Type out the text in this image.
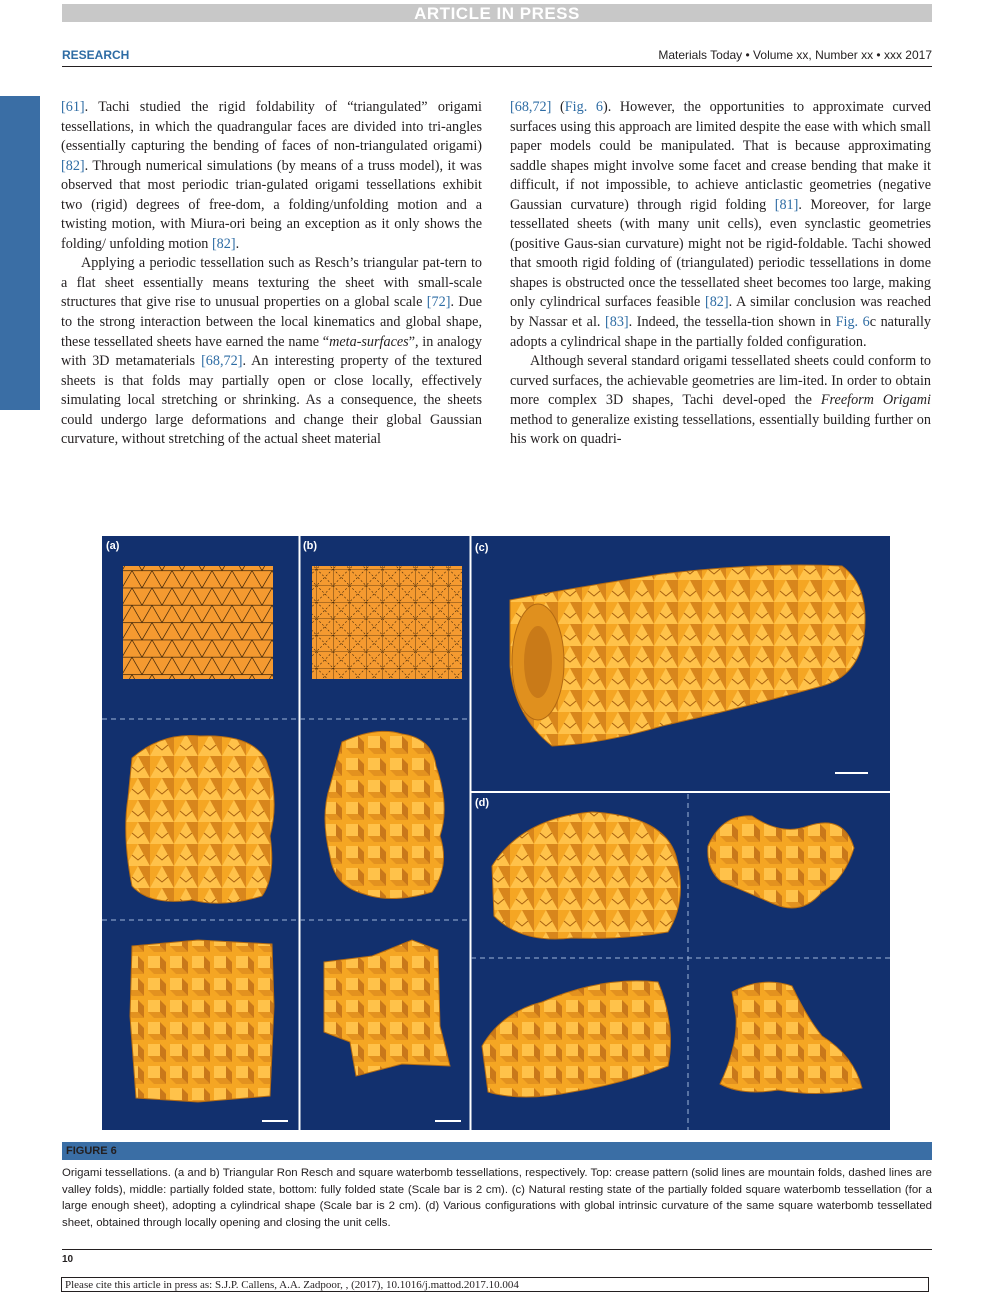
ARTICLE IN PRESS
RESEARCH	Materials Today • Volume xx, Number xx • xxx 2017
RESEARCH: Review

[61]. Tachi studied the rigid foldability of “triangulated” origami tessellations, in which the quadrangular faces are divided into tri-angles (essentially capturing the bending of faces of non-triangulated origami) [82]. Through numerical simulations (by means of a truss model), it was observed that most periodic trian-gulated origami tessellations exhibit two (rigid) degrees of free-dom, a folding/unfolding motion and a twisting motion, with Miura-ori being an exception as it only shows the folding/ unfolding motion [82].

Applying a periodic tessellation such as Resch’s triangular pat-tern to a flat sheet essentially means texturing the sheet with small-scale structures that give rise to unusual properties on a global scale [72]. Due to the strong interaction between the local kinematics and global shape, these tessellated sheets have earned the name “meta-surfaces”, in analogy with 3D metamaterials [68,72]. An interesting property of the textured sheets is that folds may partially open or close locally, effectively simulating local stretching or shrinking. As a consequence, the sheets could undergo large deformations and change their global Gaussian curvature, without stretching of the actual sheet material

[68,72] (Fig. 6). However, the opportunities to approximate curved surfaces using this approach are limited despite the ease with which small paper models could be manipulated. That is because approximating saddle shapes might involve some facet and crease bending that make it difficult, if not impossible, to achieve anticlastic geometries (negative Gaussian curvature) through rigid folding [81]. Moreover, for large tessellated sheets (with many unit cells), even synclastic geometries (positive Gaus-sian curvature) might not be rigid-foldable. Tachi showed that smooth rigid folding of (triangulated) periodic tessellations in dome shapes is obstructed once the tessellated sheet becomes too large, making only cylindrical surfaces feasible [82]. A similar conclusion was reached by Nassar et al. [83]. Indeed, the tessella-tion shown in Fig. 6c naturally adopts a cylindrical shape in the partially folded configuration.

Although several standard origami tessellated sheets could conform to curved surfaces, the achievable geometries are lim-ited. In order to obtain more complex 3D shapes, Tachi devel-oped the Freeform Origami method to generalize existing tessellations, essentially building further on his work on quadri-

(a)	(b)	(c)
(d)
FIGURE 6
Origami tessellations. (a and b) Triangular Ron Resch and square waterbomb tessellations, respectively. Top: crease pattern (solid lines are mountain folds, dashed lines are valley folds), middle: partially folded state, bottom: fully folded state (Scale bar is 2 cm). (c) Natural resting state of the partially folded square waterbomb tessellation (for a large enough sheet), adopting a cylindrical shape (Scale bar is 2 cm). (d) Various configurations with global intrinsic curvature of the same square waterbomb tessellated sheet, obtained through locally opening and closing the unit cells.
10
Please cite this article in press as: S.J.P. Callens, A.A. Zadpoor, , (2017), 10.1016/j.mattod.2017.10.004
